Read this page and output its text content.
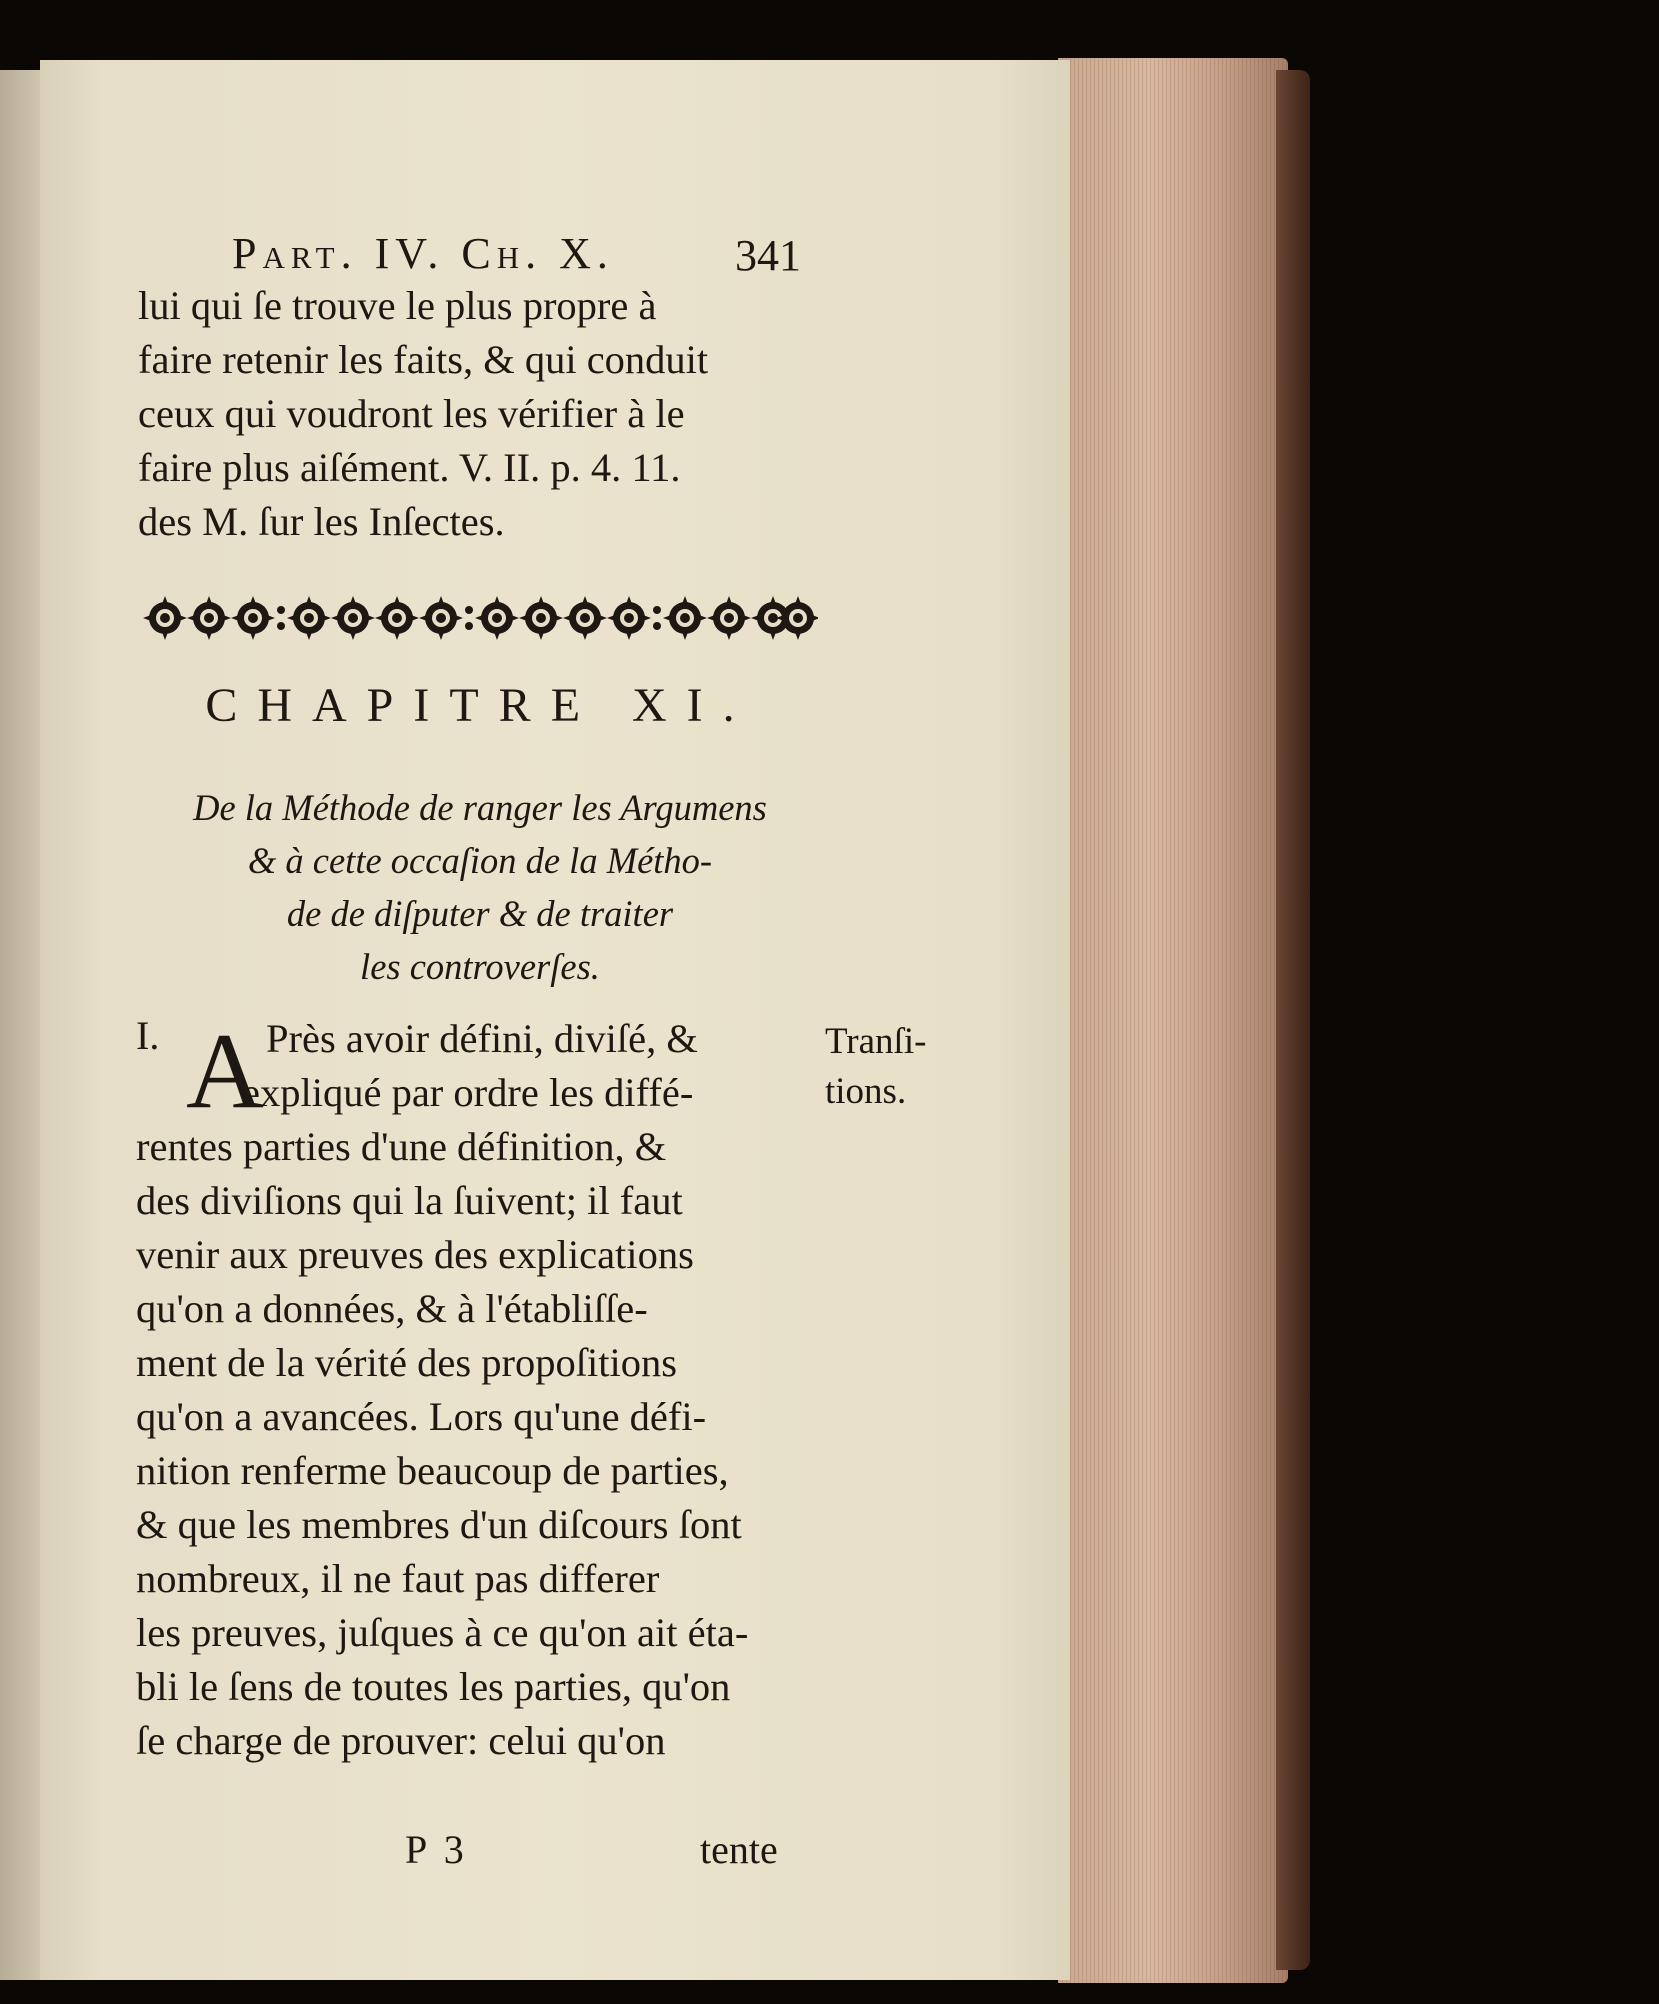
Part. IV. Ch. X.	341
lui qui ſe trouve le plus propre à
faire retenir les faits, & qui conduit
ceux qui voudront les vérifier à le
faire plus aiſément. V. II. p. 4. 11.
des M. ſur les Inſectes.
CHAPITRE XI.
De la Méthode de ranger les Argumens
& à cette occaſion de la Métho-
de de diſputer & de traiter
les controverſes.
I. A Près avoir défini, diviſé, &
expliqué par ordre les diffé-
rentes parties d'une définition, &
des diviſions qui la ſuivent; il faut
venir aux preuves des explications
qu'on a données, & à l'établiſſe-
ment de la vérité des propoſitions
qu'on a avancées. Lors qu'une défi-
nition renferme beaucoup de parties,
& que les membres d'un diſcours ſont
nombreux, il ne faut pas differer
les preuves, juſques à ce qu'on ait éta-
bli le ſens de toutes les parties, qu'on
ſe charge de prouver: celui qu'on
Tranſi-
tions.
P 3	tente
